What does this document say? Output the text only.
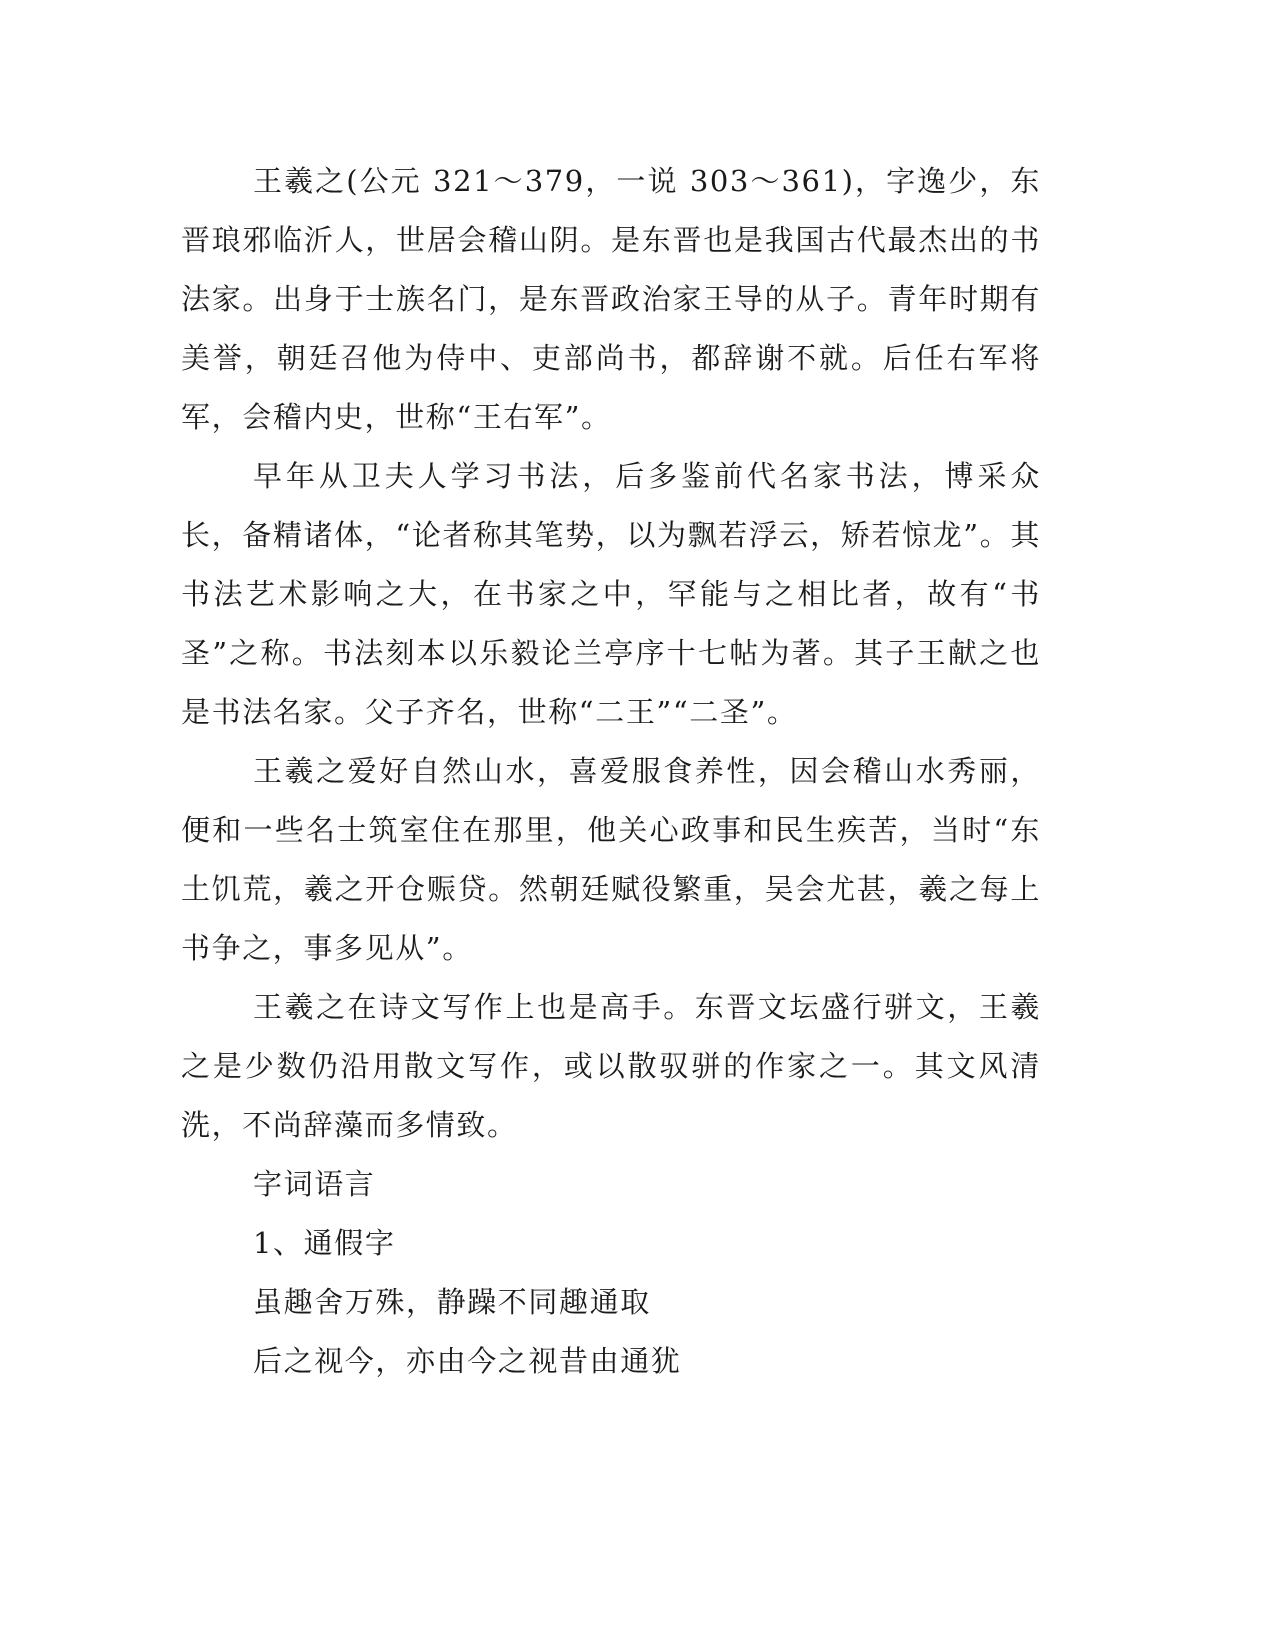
王羲之(公元 321～379，一说 303～361)，字逸少，东晋琅邪临沂人，世居会稽山阴。是东晋也是我国古代最杰出的书法家。出身于士族名门，是东晋政治家王导的从子。青年时期有美誉，朝廷召他为侍中、吏部尚书，都辞谢不就。后任右军将军，会稽内史，世称“王右军”。

早年从卫夫人学习书法，后多鉴前代名家书法，博采众长，备精诸体，“论者称其笔势，以为飘若浮云，矫若惊龙”。其书法艺术影响之大，在书家之中，罕能与之相比者，故有“书圣”之称。书法刻本以乐毅论兰亭序十七帖为著。其子王献之也是书法名家。父子齐名，世称“二王”“二圣”。

王羲之爱好自然山水，喜爱服食养性，因会稽山水秀丽，便和一些名士筑室住在那里，他关心政事和民生疾苦，当时“东土饥荒，羲之开仓赈贷。然朝廷赋役繁重，吴会尤甚，羲之每上书争之，事多见从”。

王羲之在诗文写作上也是高手。东晋文坛盛行骈文，王羲之是少数仍沿用散文写作，或以散驭骈的作家之一。其文风清洗，不尚辞藻而多情致。

字词语言

1、通假字

虽趣舍万殊，静躁不同趣通取

后之视今，亦由今之视昔由通犹
